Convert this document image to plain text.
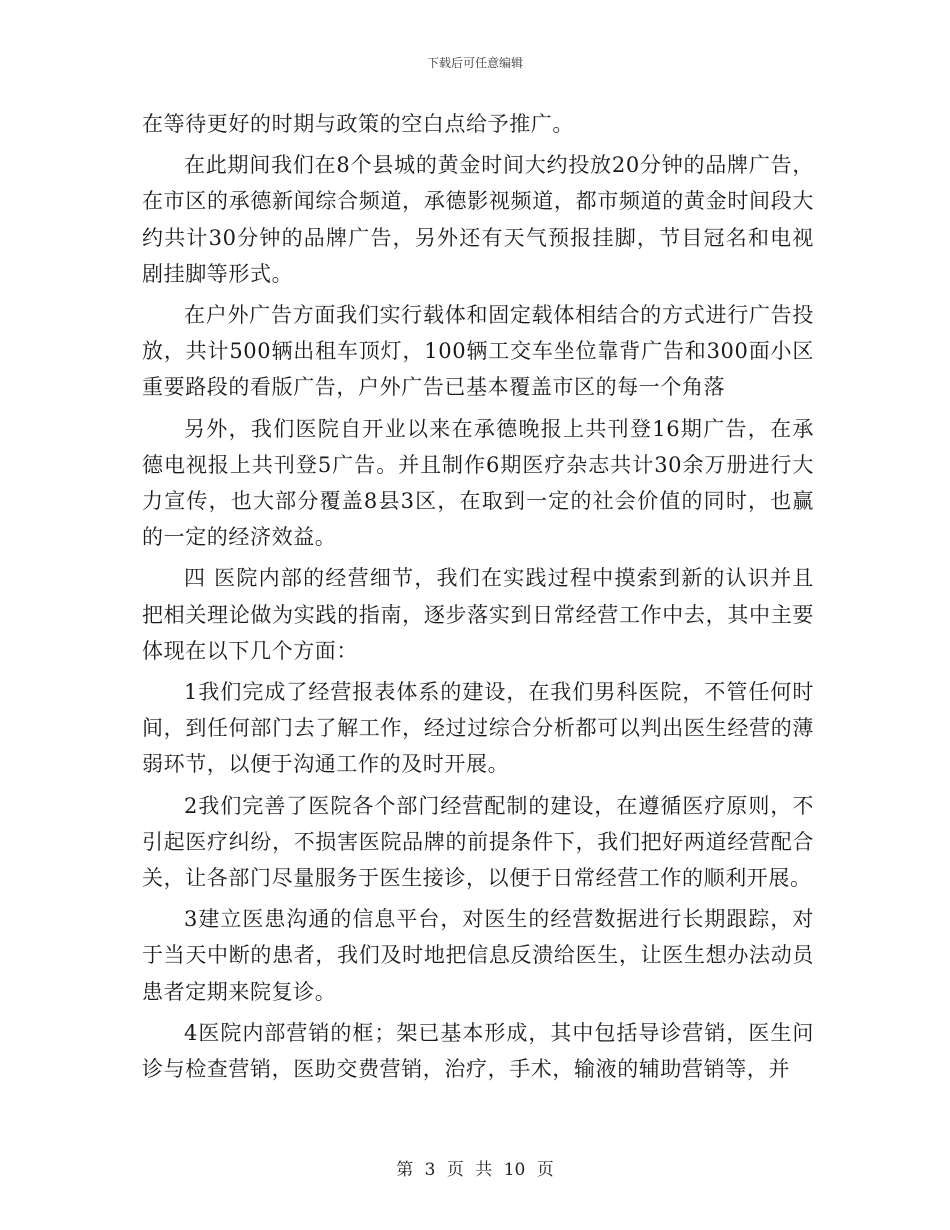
下载后可任意编辑

在等待更好的时期与政策的空白点给予推广。

在此期间我们在8个县城的黄金时间大约投放20分钟的品牌广告，在市区的承德新闻综合频道，承德影视频道，都市频道的黄金时间段大约共计30分钟的品牌广告，另外还有天气预报挂脚，节目冠名和电视剧挂脚等形式。

在户外广告方面我们实行载体和固定载体相结合的方式进行广告投放，共计500辆出租车顶灯，100辆工交车坐位靠背广告和300面小区重要路段的看版广告，户外广告已基本覆盖市区的每一个角落

另外，我们医院自开业以来在承德晚报上共刊登16期广告，在承德电视报上共刊登5广告。并且制作6期医疗杂志共计30余万册进行大力宣传，也大部分覆盖8县3区，在取到一定的社会价值的同时，也赢的一定的经济效益。

四 医院内部的经营细节，我们在实践过程中摸索到新的认识并且把相关理论做为实践的指南，逐步落实到日常经营工作中去，其中主要体现在以下几个方面：

1我们完成了经营报表体系的建设，在我们男科医院，不管任何时间，到任何部门去了解工作，经过过综合分析都可以判出医生经营的薄弱环节，以便于沟通工作的及时开展。

2我们完善了医院各个部门经营配制的建设，在遵循医疗原则，不引起医疗纠纷，不损害医院品牌的前提条件下，我们把好两道经营配合关，让各部门尽量服务于医生接诊，以便于日常经营工作的顺利开展。

3建立医患沟通的信息平台，对医生的经营数据进行长期跟踪，对于当天中断的患者，我们及时地把信息反溃给医生，让医生想办法动员患者定期来院复诊。

4医院内部营销的框；架已基本形成，其中包括导诊营销，医生问诊与检查营销，医助交费营销，治疗，手术，输液的辅助营销等，并

第 3 页 共 10 页
